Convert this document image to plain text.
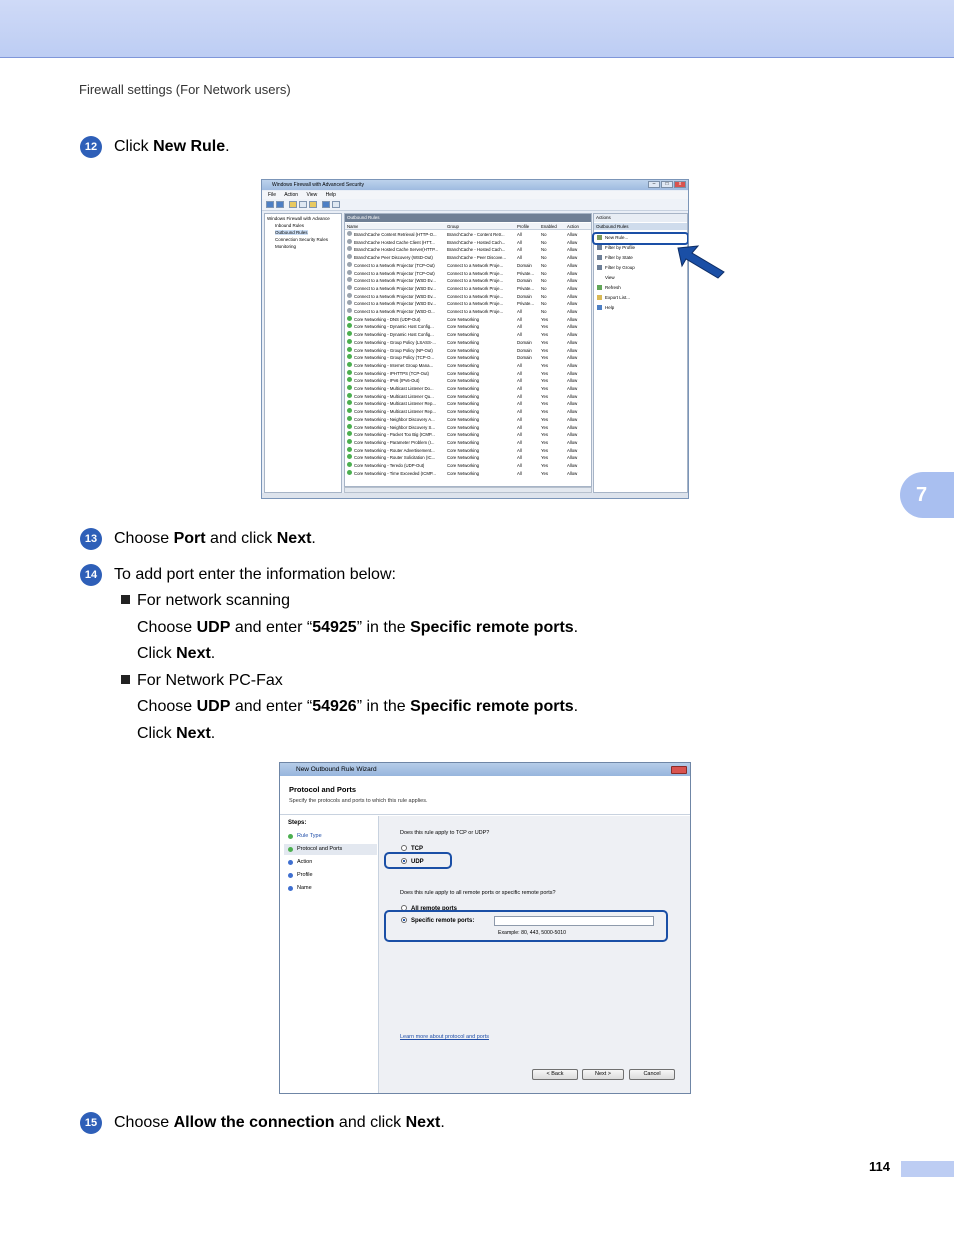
Firewall settings (For Network users)
7
12	Click New Rule.
Windows Firewall with Advanced Security	–	□	x
File Action View Help
Windows Firewall with Advance
Inbound Rules
Outbound Rules
Connection Security Rules
Monitoring
Outbound Rules
Name	Group	Profile	Enabled Action
BranchCache Content Retrieval (HTTP-O...	BranchCache - Content Retr...	All	No	Allow
BranchCache Hosted Cache Client (HTT...	BranchCache - Hosted Cach...	All	No	Allow
BranchCache Hosted Cache Server(HTTP...	BranchCache - Hosted Cach...	All	No	Allow
BranchCache Peer Discovery (WSD-Out)	BranchCache - Peer Discove...	All	No	Allow
Connect to a Network Projector (TCP-Out)	Connect to a Network Proje...	Domain	No	Allow
Connect to a Network Projector (TCP-Out)	Connect to a Network Proje...	Private...	No	Allow
Connect to a Network Projector (WSD Ev...	Connect to a Network Proje...	Domain	No	Allow
Connect to a Network Projector (WSD Ev...	Connect to a Network Proje...	Private...	No	Allow
Connect to a Network Projector (WSD Ev...	Connect to a Network Proje...	Domain	No	Allow
Connect to a Network Projector (WSD Ev...	Connect to a Network Proje...	Private...	No	Allow
Connect to a Network Projector (WSD-O...	Connect to a Network Proje...	All	No	Allow
Core Networking - DNS (UDP-Out)	Core Networking	All	Yes	Allow
Core Networking - Dynamic Host Config...	Core Networking	All	Yes	Allow
Core Networking - Dynamic Host Config...	Core Networking	All	Yes	Allow
Core Networking - Group Policy (LSASS-...	Core Networking	Domain	Yes	Allow
Core Networking - Group Policy (NP-Out)	Core Networking	Domain	Yes	Allow
Core Networking - Group Policy (TCP-O...	Core Networking	Domain	Yes	Allow
Core Networking - Internet Group Mana...	Core Networking	All	Yes	Allow
Core Networking - IPHTTPS (TCP-Out)	Core Networking	All	Yes	Allow
Core Networking - IPv6 (IPv6-Out)	Core Networking	All	Yes	Allow
Core Networking - Multicast Listener Do...	Core Networking	All	Yes	Allow
Core Networking - Multicast Listener Qu...	Core Networking	All	Yes	Allow
Core Networking - Multicast Listener Rep...	Core Networking	All	Yes	Allow
Core Networking - Multicast Listener Rep...	Core Networking	All	Yes	Allow
Core Networking - Neighbor Discovery A...	Core Networking	All	Yes	Allow
Core Networking - Neighbor Discovery S...	Core Networking	All	Yes	Allow
Core Networking - Packet Too Big (ICMP...	Core Networking	All	Yes	Allow
Core Networking - Parameter Problem (I...	Core Networking	All	Yes	Allow
Core Networking - Router Advertisement...	Core Networking	All	Yes	Allow
Core Networking - Router Solicitation (IC...	Core Networking	All	Yes	Allow
Core Networking - Teredo (UDP-Out)	Core Networking	All	Yes	Allow
Core Networking - Time Exceeded (ICMP...	Core Networking	All	Yes	Allow
Actions
Outbound Rules
New Rule...
Filter by Profile
Filter by State
Filter by Group
View
Refresh
Export List...
Help
13	Choose Port and click Next.
14	To add port enter the information below:
For network scanning
Choose UDP and enter “54925” in the Specific remote ports.
Click Next.
For Network PC-Fax
Choose UDP and enter “54926” in the Specific remote ports.
Click Next.
New Outbound Rule Wizard
Protocol and Ports
Specify the protocols and ports to which this rule applies.
Steps:
Rule Type
Protocol and Ports
Action
Profile
Name
Does this rule apply to TCP or UDP?
TCP
UDP
Does this rule apply to all remote ports or specific remote ports?
All remote ports
Specific remote ports:
Example: 80, 443, 5000-5010
Learn more about protocol and ports
< Back	Next >	Cancel
15	Choose Allow the connection and click Next.
114
